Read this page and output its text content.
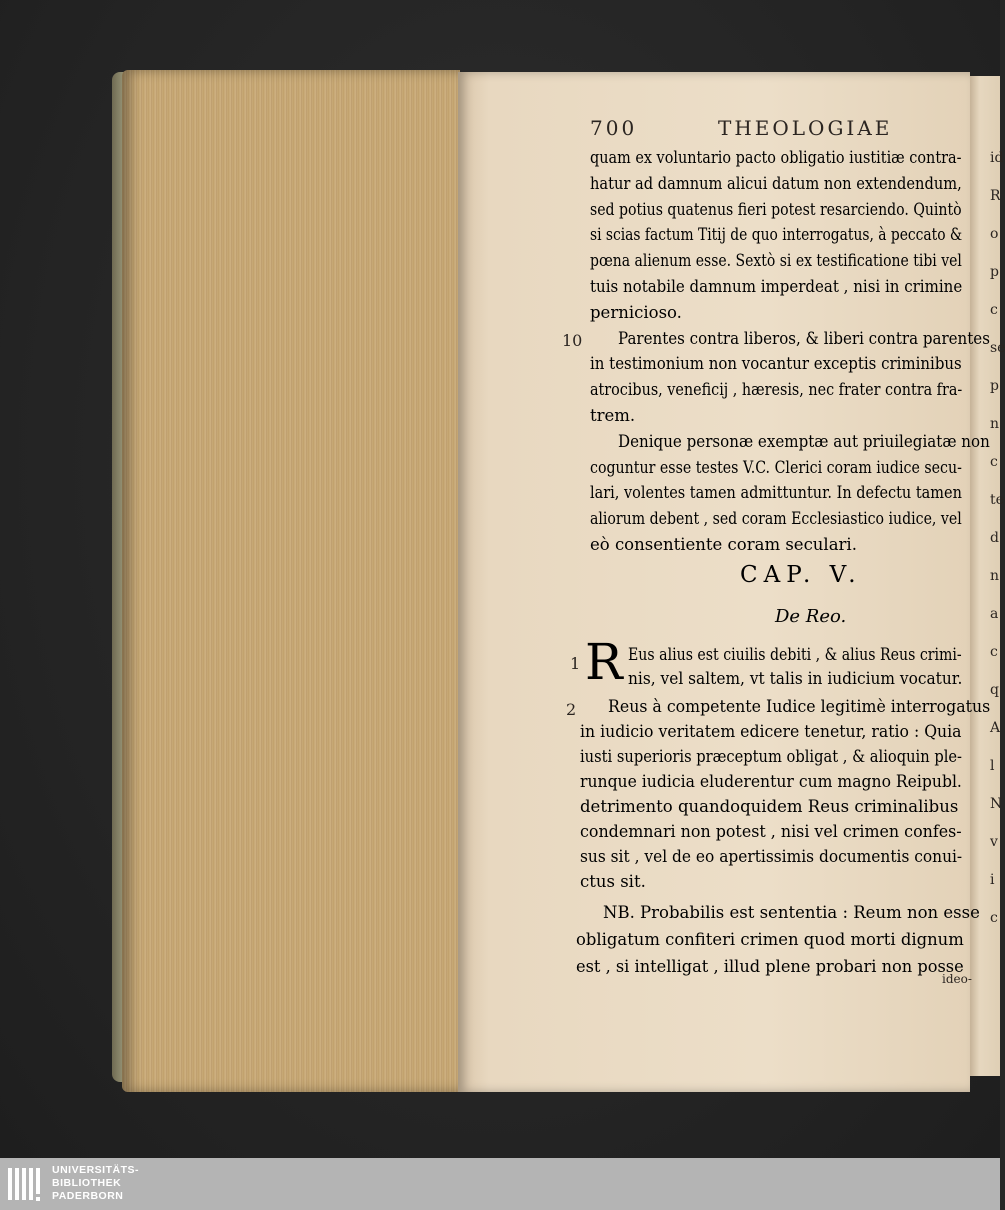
id
R
o
p
c
se
p
n
c
te
d
n
a
c
q
A
l
N
v
i
c
700	THEOLOGIAE
quam ex voluntario pacto obligatio iustitiæ contra-
hatur ad damnum alicui datum non extendendum,
sed potius quatenus fieri potest resarciendo. Quintò
si scias factum Titij de quo interrogatus, à peccato &
pœna alienum esse. Sextò si ex testificatione tibi vel
tuis notabile damnum imperdeat , nisi in crimine
pernicioso.
Parentes contra liberos, & liberi contra parentes
in testimonium non vocantur exceptis criminibus
atrocibus, veneficij , hæresis, nec frater contra fra-
trem.
Denique personæ exemptæ aut priuilegiatæ non
coguntur esse testes V.C. Clerici coram iudice secu-
lari, volentes tamen admittuntur. In defectu tamen
aliorum debent , sed coram Ecclesiastico iudice, vel
eò consentiente coram seculari.
Eus alius est ciuilis debiti , & alius Reus crimi-
nis, vel saltem, vt talis in iudicium vocatur.
Reus à competente Iudice legitimè interrogatus
in iudicio veritatem edicere tenetur, ratio : Quia
iusti superioris præceptum obligat , & alioquin ple-
runque iudicia eluderentur cum magno Reipubl.
detrimento quandoquidem Reus criminalibus
condemnari non potest , nisi vel crimen confes-
sus sit , vel de eo apertissimis documentis conui-
ctus sit.
NB. Probabilis est sententia : Reum non esse
obligatum confiteri crimen quod morti dignum
est , si intelligat , illud plene probari non posse
10
CAP. V.
De Reo.
1 R
2
ideo-
UNIVERSITÄTS-
BIBLIOTHEK
PADERBORN
